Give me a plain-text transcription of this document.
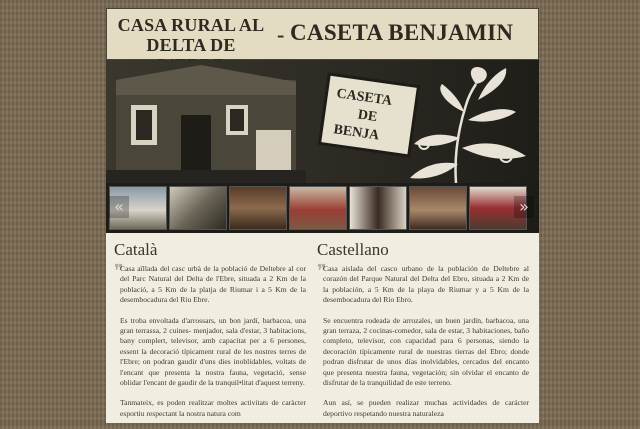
CASA RURAL AL DELTA DE	- CASETA BENJAMIN
CASETA
DE
BENJA
«	»
Català
❞

Casa aïllada del casc urbà de la població de Deltebre al cor del Parc Natural del Delta de l'Ebre, situada a 2 Km de la població, a 5 Km de la platja de Riumar i a 5 Km de la desembocadura del Riu Ebre.

Es troba envoltada d'arrossars, un bon jardí, barbacoa, una gran terrassa, 2 cuines- menjador, sala d'estar, 3 habitacions, bany complert, televisor, amb capacitat per a 6 persones, essent la decoració típicament rural de les nostres terres de l'Ebre; on podran gaudir d'uns dies inoblidables, voltats de l'encant que presenta la nostra fauna, vegetació, sense oblidar l'encant de gaudir de la tranquil•litat d'aquest terreny.

Tanmateix, es poden realitzar moltes activitats de caràcter esportiu respectant la nostra natura com

Castellano
❞

Casa aislada del casco urbano de la población de Deltebre al corazón del Parque Natural del Delta del Ebro, situada a 2 Km de la población, a 5 Km de la playa de Riumar y a 5 Km de la desembocadura del Río Ebro.

Se encuentra rodeada de arrozales, un buen jardín, barbacoa, una gran terraza, 2 cocinas-comedor, sala de estar, 3 habitaciones, baño completo, televisor, con capacidad para 6 personas, siendo la decoración típicamente rural de nuestras tierras del Ebro; donde podran disfrutar de unos días inolvidables, cercados del encanto que presenta nuestra fauna, vegetación; sin olvidar el encanto de disfrutar de la tranquilidad de este terreno.

Aun así, se pueden realizar muchas actividades de carácter deportivo respetando nuestra naturaleza
